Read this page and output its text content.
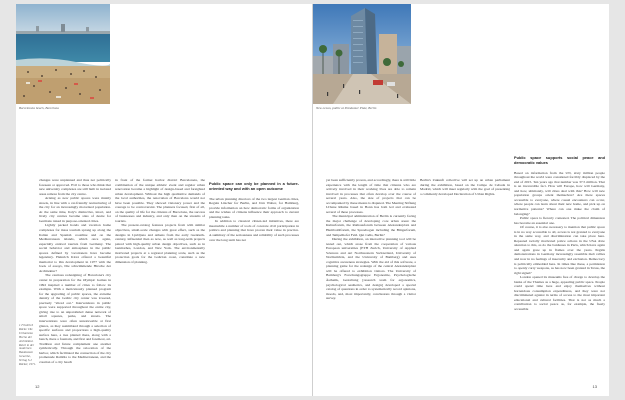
Barceloneta beach, Barcelona
1 Friedrich Rücks: Die Urbanismo Hecho der Architektur. Reich in der modernen Bauklassen Gewerke, Verlag S.J. Rücker, 1971.

changes were unplanned and thus not politically foreseen or approved. Evil to those who think that new university complexes are still built in isolated areas remote from the city centre.

Arising as new public spaces were mainly streets, in line with a car-friendly restructuring of the city for an increasingly motorized population. At the same time, Italy's distinctive, intact, and lively city centres became sites of desire for Germans raised in purpose-oriented cities.

Lightly packed hotels and vacation home complexes for mass tourism sprang up along the Italian and Spanish coastline and on the Mediterranean islands, which once again, especially enticed tourists from Germany. The social behavior and atmosphere in the public spaces defined by vacationers have become legendary. Heinrich Klotz offered a beautiful memorial to this development in 1977 with the book of essays, Die schwimmende Hirsche der Architektur?

The cautious redesigning of Barcelona's city center in preparation for the Olympic Games in 1992 inspired a number of cities to follow its example. With a meticulously planned program for the upgrading of public spaces, the extreme density of the Gothic city center was lowered, precisely "sliced out." Interventions in public space were supported throughout the entire city, giving rise to an unparalleled dense network of small squares, parks, and streets. The interventions were often unnoticeable at first glance, as they assimilated through a selection of specific surfaces and proportions a high-quality surface here, a tree planted there, along with a bench, there a fountain, and first and foremost, art. Tradition and future complement one another symbolically. Through the relocation of the harbor, which facilitated the connection of the city promenade Rambla to the Mediterranean, and the creation of a city beach

in front of the former harbor district Barceloneta, the combination of the unique athletic event and regular urban renovation became a highlight of design-based and farsighted urban development. Without the high qualitative demands of the local authorities, the renovation of Barcelona would not have been possible. They showed visionary power and the courage to be controversial. The planners focused, first of all, on the quality of life for the citizens of Barcelona, the success of businesses and industry, and only then on the streams of tourists.

The present-catalog features projects from with similar objectives, small-scale changes with great effect, such as the designs in Ljubljana and Athens from the early twentieth-century, influential then as now, as well as long-term projects paired with high-quality urban design objectives, such as in Guimarães, London, and New York. The environmentally motivated projects at a regional planning scale, such as the protection goals for the Galician coast, constitute a new dimension of planning.

Public space can only be planned in a future-oriented way and with an open outcome

The urban planning directors of the two largest German cities, Regula Lüscher for Berlin, and Jörn Walter, for Hamburg, provide information on how democratic forms of organization and the wishes of citizens influence their approach to current planning tasks.

In addition to classical citizen-led initiatives, there are meanwhile a number of tools of concrete civil participation in politics and planning that have proven their value in practice. A summary of the seriousness and reliability of such processes over the long term has not

12
New ocean, public at Potsdamer Platz, Berlin

yet been sufficiently proven, and accordingly, there is still little experience with the length of time that citizens who are actively involved in their working lives are able to remain involved in processes that often develop over the course of several years. Also, the size of projects that can be accompanied by these means is disputed. The Meeting Stiftung Urbane Räume based in Bonn has both led and evaluated several of these processes.

The municipal administration of Berlin is currently facing the major challenge of developing core urban areas: the Kulturforum, the Rathausforum between Alexanderplatz and Humboldtforum, the Spreebogen including the Bürgerforum, and Tempelhofer Feld. Qui vadis, Berlin?

During the exhibition, an interactive planning tool will be tested out, which arose from the cooperation of various European universities (ETH Zurich, University of Applied Sciences and Art Northwestern Switzerland, University of Northumbria, and the University of Bamberg) and uses cognitive awareness strategies. With the aid of this software, a planning game for the redesign of the central Alexanderplatz will be offered to exhibition visitors. The University of Bamberg's Forschungsgruppe Ergonomie, Psychologische Ästhetik, Gestaltung [research team for ergonomics, psychological aesthetics, and design] developed a special catalog of questions in order to systematically record opinions, moods, and, most importantly, conclusions through a visitor survey.

Berlin's Zukunft collective will set up an urban parliament during the exhibition, based on the Campo de Cebada in Madrid, which will meet regularly with the goal of presenting a commonly developed Declaration of Urban Rights.

Public space supports social peace and democratic values

Based on information from the UN, sixty million people throughout the world were considered forcibly displaced by the end of 2015. Ten years ago that number was 37.5 million. That is an irreversible fact. How will Europe, how will Germany, and how, ultimately, will cities deal with this? How will new population groups orient themselves? Are there spaces accessible to everyone, where casual encounters can occur, where people can learn about their new home, and pick up on normative patterns? Where can one make the claim of belonging?

Public space is fiercely contested. The political dimension has become an essential one.

Of course, it is also necessary to mention that public space is in no way accessible to all, access is not granted to everyone in the same way, and discrimination can take place here. Repeated racially motivated police actions in the USA draw attention to this, as do the banlieues in Paris, which have again and again gone up in flames over the years. Pegida demonstrations in Germany increasingly resemble mob rallies and now in no feelings of insecurity and exclusion. Democracy is politically embedded here. In times like these, a permission to openly carry weapons, as has now been granted in Texas, the right signal?

London opened its museums free of charge to develop the banks of the Thames as a huge, appealing public space. People could spend time here and enjoy themselves without horrendous consumption expenditures, and they were not discriminated against in terms of access to the most important educational and cultural facilities. That is not as much a contribution to social peace as, for example, the freely accessible

13
